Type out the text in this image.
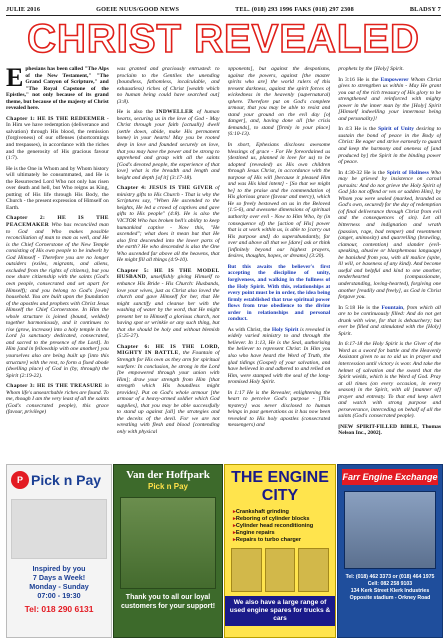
JULIE 2016	GOEIE NUUS/GOOD NEWS	TEL. (018) 293 1996 FAKS (018) 297 2308	BLADSY 7
CHRIST REVEALED

Ephesians has been called "The Alps of the New Testament," "The Grand Canyon of Scripture," and "The Royal Capstone of the Epistles," not only because of its grand theme, but because of the majesty of Christ revealed here.

Chapter 1: HE IS THE REDEEMER - In Him we have redemption (deliverance and salvation) through His blood, the remission (forgiveness) of our offenses (shortcomings and trespasses), in accordance with the riches and the generosity of His gracious favour (1:7).

He is the One in Whom and by Whom history will ultimately be consummated, and He is the Resurrected Lord Who not only has risen over death and hell, but Who reigns as King, putting of His life through His Body, the Church - the present expression of Himself on Earth.

Chapter 2: HE IS THE PEACEMAKER Who has reconciled man to God and Who makes possible reconciliation of man to man as well, and He is the Chief Cornerstone of the New Temple consisting of His own people to be indwelt by God Himself - Therefore you are no longer outsiders (exiles, migrants, and aliens, excluded from the rights of citizens), but you now share citizenship with the saints (God's own people, consecrated and set apart for Himself); and you belong to God's [own] household. You are built upon the foundation of the apostles and prophets with Christ Jesus Himself the Chief Cornerstone. In Him the whole structure is joined (bound, welded) together harmoniously, and it continues to rise (grow, increase) into a holy temple in the Lord [a sanctuary dedicated, consecrated, and sacred to the presence of the Lord]. In Him [and in fellowship with one another] you yourselves also are being built up [into this structure] with the rest, to form a fixed abode (dwelling place) of God in (by, through) the Spirit (2:19-22).

Chapter 3: HE IS THE TREASURE in Whom life's unsearchable riches are found. To me, though I am the very least of all the saints (God's consecrated people), this grace (favour, privilege)

was granted and graciously entrusted: to proclaim to the Gentiles the unending (boundless, fathomless, incalculable, and exhaustless) riches of Christ [wealth which no human being could have searched out] (3:8).

He is also the INDWELLER of human hearts, securing us in the love of God - May Christ through your faith [actually] dwell (settle down, abide, make His permanent home) in your hearts! May you be rooted deep in love and founded securely on love, that you may have the power and be strong to apprehend and grasp with all the saints [God's devoted people, the experience of that love] what is the breadth and length and height and depth [of it] (3:17-18).

Chapter 4: JESUS IS THE GIVER of ministry gifts to His Church - That is why the Scriptures say, "When He ascended to the heights, He led a crowd of captives and gave gifts to His people" (4:8). He is also the VICTOR Who has broken hell's ability to keep humankind captive - Now this, "He ascended"; what does it mean but that He also first descended into the lower parts of the earth? He who descended is also the One Who ascended far above all the heavens, that He might fill all things (4:9-10).

Chapter 5: HE IS THE MODEL HUSBAND, unselfishly giving Himself to enhance His Bride - His Church: Husbands, love your wives, just as Christ also loved the church and gave Himself for her, that He might sanctify and cleanse her with the washing of water by the word, that He might present her to Himself a glorious church, not having spot or wrinkle or any such thing, but that she should be holy and without blemish (5:25-27).

Chapter 6: HE IS THE LORD, MIGHTY IN BATTLE, the Fountain of Strength for His own as they arm for spiritual warfare: In conclusion, be strong in the Lord [be empowered through your union with Him]; draw your strength from Him [that strength which His boundless might provides]. Put on God's whole armour [the armour of a heavy-armed soldier which God supplies], that you may be able successfully to stand up against [all] the strategies and the deceits of the devil. For we are not wrestling with flesh and blood [contending only with physical

opponents], but against the despotisms, against the powers, against [the master spirits who are] the world rulers of this present darkness, against the spirit forces of wickedness in the heavenly (supernatural) sphere. Therefore put on God's complete armour, that you may be able to resist and stand your ground on the evil day [of danger], and, having done all [the crisis demands], to stand [firmly in your place] (6:10-13).

In short, Ephesians discloses awesome blessings of grace - For He foreordained us (destined us, planned in love for us) to be adopted (revealed) as His own children through Jesus Christ, in accordance with the purpose of His will [because it pleased Him and was His kind intent] - [So that we might be] to the praise and the commendation of His glorious grace (favour and mercy), which He so freely bestowed on us in the Beloved (1:5-6), and awesome dimensions of spiritual authority over evil - Now to Him Who, by (in consequence of) the [action of His] power that is at work within us, is able to [carry out His purpose and] do superabundantly, far over and above all that we [dare] ask or think [infinitely beyond our highest prayers, desires, thoughts, hopes, or dreams] (3:20).

But this awaits the believer's first accepting the discipline of unity, forgiveness, and walking in the fullness of the Holy Spirit. With this, relationships at every point must be in order, the idea being firmly established that true spiritual power flows from true obedience to the divine order in relationships and personal conduct.

As with Christ, the Holy Spirit is revealed in widely varied ministry to and through the believer. In 1:13, He is the Seal, authorising the believer to represent Christ: In Him you also who have heard the Word of Truth, the glad tidings (Gospel) of your salvation, and have believed in and adhered to and relied on Him, were stamped with the seal of the long-promised Holy Spirit.

In 1:17 He is the Revealer, enlightening the heart to perceive God's purpose - [This mystery] was never disclosed to human beings in past generations as it has now been revealed to His holy apostles (consecrated messengers) and

prophets by the [Holy] Spirit.

In 3:16 He is the Empowerer Whom Christ gives to strengthen us within - May He grant you out of the rich treasury of His glory to be strengthened and reinforced with mighty power in the inner man by the [Holy] Spirit [Himself indwelling your innermost being and personality]!

In 4:3 He is the Spirit of Unity desiring to sustain the bond of peace in the Body of Christ: Be eager and strive earnestly to guard and keep the harmony and oneness of [and produced by] the Spirit in the binding power of peace.

In 4:30-32 He is the Spirit of Holiness Who may be grieved by insistence on carnal pursuits: And do not grieve the Holy Spirit of God [do not offend or vex or sadden Him], by Whom you were sealed (marked, branded as God's own, secured) for the day of redemption (of final deliverance through Christ from evil and the consequences of sin). Let all bitterness and indignation and wrath (passion, rage, bad temper) and resentment (anger, animosity) and quarrelling (brawling, clamour, contention) and slander (evil-speaking, abusive or blasphemous language) be banished from you, with all malice (spite, ill will, or baseness of any kind). And become useful and helpful and kind to one another, tenderhearted (compassionate, understanding, loving-hearted), forgiving one another [readily and freely], as God in Christ forgave you.

In 5:18 He is the Fountain, from which all are to be continuously filled: And do not get drunk with wine, for that is debauchery; but ever be filled and stimulated with the [Holy] Spirit.

In 6:17-18 the Holy Spirit is the Giver of the Word as a sword for battle and the Heavenly Assistant given to us to aid us in prayer and intercession until victory is won: And take the helmet of salvation and the sword that the Spirit wields, which is the Word of God. Pray at all times (on every occasion, in every season) in the Spirit, with all [manner of] prayer and entreaty. To that end keep alert and watch with strong purpose and perseverance, interceding on behalf of all the saints (God's consecrated people).

[NEW SPIRIT-FILLED BIBLE, Thomas Nelson Inc., 2002].

P Pick n Pay
Inspired by you
7 Days a Week!
Monday - Sunday
07:00 - 19:30
Tel: 018 290 6131
Van der Hoffpark
Pick n Pay
Thank you to all our loyal customers for your support!
THE ENGINE CITY
▸ Crankshaft grinding
▸ Reboring of cylinder blocks
▸ Cylinder head reconditioning
▸ Engine repairs
▸ Repairs to turbo charger
We also have a large range of used engine spares for trucks & cars
Farr Engine Exchange
Tel: (018) 462 3373 or (018) 464 1975
Cell: 082 258 9103
134 Kerk Street Klerk Industries
Opposite stadium - Orkney Road
